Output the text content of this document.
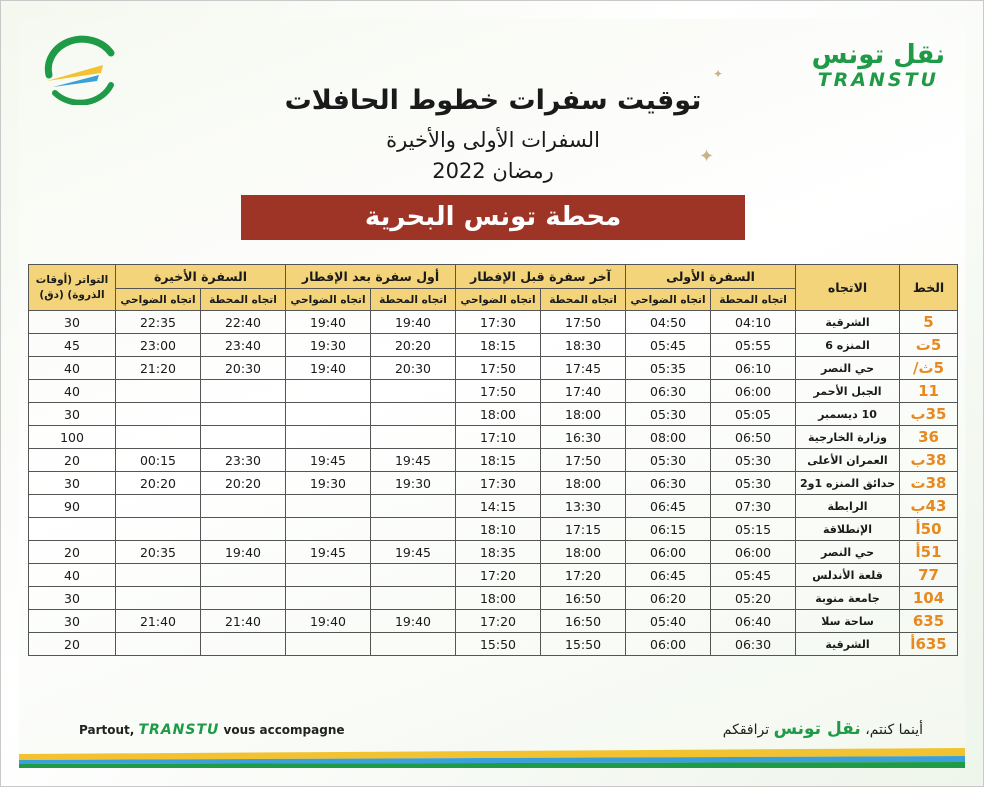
نقل تونس
TRANSTU
✦
✦
توقيت سفرات خطوط الحافلات
السفرات الأولى والأخيرة
رمضان 2022
محطة تونس البحرية
الخط	الاتجاه	السفرة الأولى		آخر سفرة قبل الإفطار		أول سفرة بعد الإفطار		السفرة الأخيرة		التواتر (أوقات الذروة) (دق)
		اتجاه المحطة	اتجاه الضواحي	اتجاه المحطة	اتجاه الضواحي	اتجاه المحطة	اتجاه الضواحي	اتجاه المحطة	اتجاه الضواحي	
5	الشرقية	04:10	04:50	17:50	17:30	19:40	19:40	22:40	22:35	30
5ت	المنزه 6	05:55	05:45	18:30	18:15	20:20	19:30	23:40	23:00	45
5ث/	حي النصر	06:10	05:35	17:45	17:50	20:30	19:40	20:30	21:20	40
11	الجبل الأحمر	06:00	06:30	17:40	17:50					40
35ب	10 ديسمبر	05:05	05:30	18:00	18:00					30
36	وزارة الخارجية	06:50	08:00	16:30	17:10					100
38ب	العمران الأعلى	05:30	05:30	17:50	18:15	19:45	19:45	23:30	00:15	20
38ت	حدائق المنزه 1و2	05:30	06:30	18:00	17:30	19:30	19:30	20:20	20:20	30
43ب	الرابطة	07:30	06:45	13:30	14:15					90
50أ	الإنطلاقة	05:15	06:15	17:15	18:10					
51أ	حي النصر	06:00	06:00	18:00	18:35	19:45	19:45	19:40	20:35	20
77	قلعة الأندلس	05:45	06:45	17:20	17:20					40
104	جامعة منوبة	05:20	06:20	16:50	18:00					30
635	ساحة سلا	06:40	05:40	16:50	17:20	19:40	19:40	21:40	21:40	30
635أ	الشرقية	06:30	06:00	15:50	15:50					20
Partout, TRANSTU vous accompagne	أينما كنتم، نقل تونس ترافقكم
